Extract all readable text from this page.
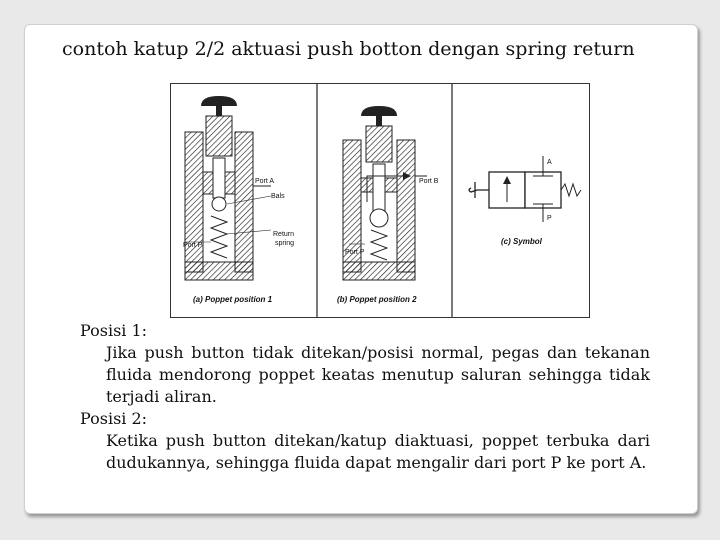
contoh katup 2/2 aktuasi push botton dengan spring return
Port A
Bals
Port P
Return
spring
(a) Poppet position 1
Port B
Port P
(b) Poppet position 2
A
P
(c) Symbol

Posisi 1:

Jika push button tidak ditekan/posisi normal, pegas dan tekanan fluida mendorong poppet keatas menutup saluran sehingga tidak terjadi aliran.

Posisi 2:

Ketika push button ditekan/katup diaktuasi, poppet terbuka dari dudukannya, sehingga fluida dapat mengalir dari port P ke port A.
